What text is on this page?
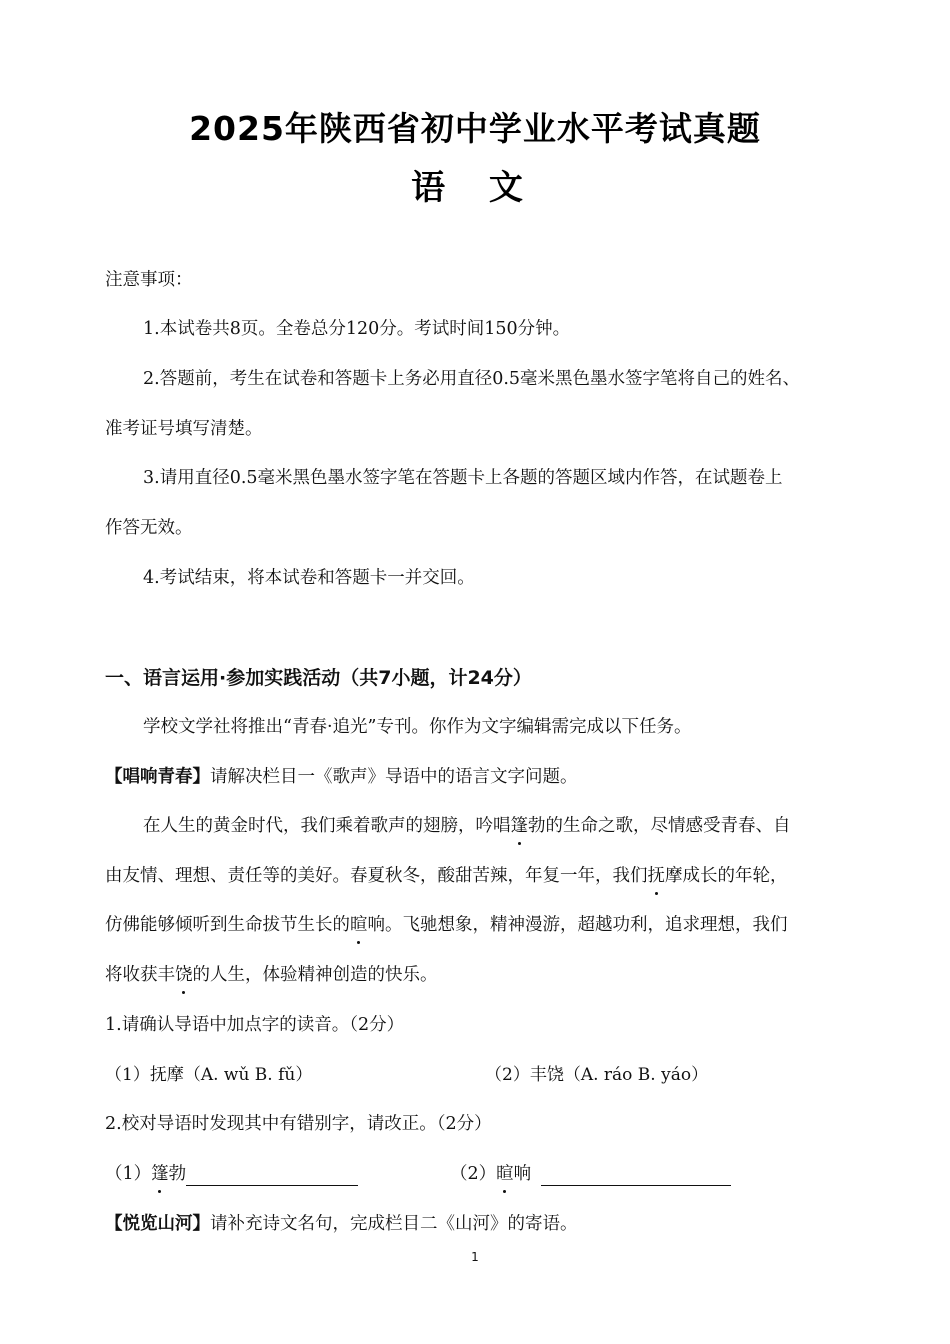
2025年陕西省初中学业水平考试真题
语 文
注意事项：
1.本试卷共8页。全卷总分120分。考试时间150分钟。
2.答题前，考生在试卷和答题卡上务必用直径0.5毫米黑色墨水签字笔将自己的姓名、
准考证号填写清楚。
3.请用直径0.5毫米黑色墨水签字笔在答题卡上各题的答题区域内作答，在试题卷上
作答无效。
4.考试结束，将本试卷和答题卡一并交回。
一、语言运用·参加实践活动（共7小题，计24分）
学校文学社将推出“青春·追光”专刊。你作为文字编辑需完成以下任务。
【唱响青春】请解决栏目一《歌声》导语中的语言文字问题。
在人生的黄金时代，我们乘着歌声的翅膀，吟唱篷勃的生命之歌，尽情感受青春、自
由友情、理想、责任等的美好。春夏秋冬，酸甜苦辣，年复一年，我们抚摩成长的年轮，
仿佛能够倾听到生命拔节生长的暄响。飞驰想象，精神漫游，超越功利，追求理想，我们
将收获丰饶的人生，体验精神创造的快乐。
1.请确认导语中加点字的读音。（2分）
（1）抚摩（A. wǔ B. fǔ）	（2）丰饶（A. ráo B. yáo）
2.校对导语时发现其中有错别字，请改正。（2分）
（1）篷勃	（2）暄响
【悦览山河】请补充诗文名句，完成栏目二《山河》的寄语。
1
